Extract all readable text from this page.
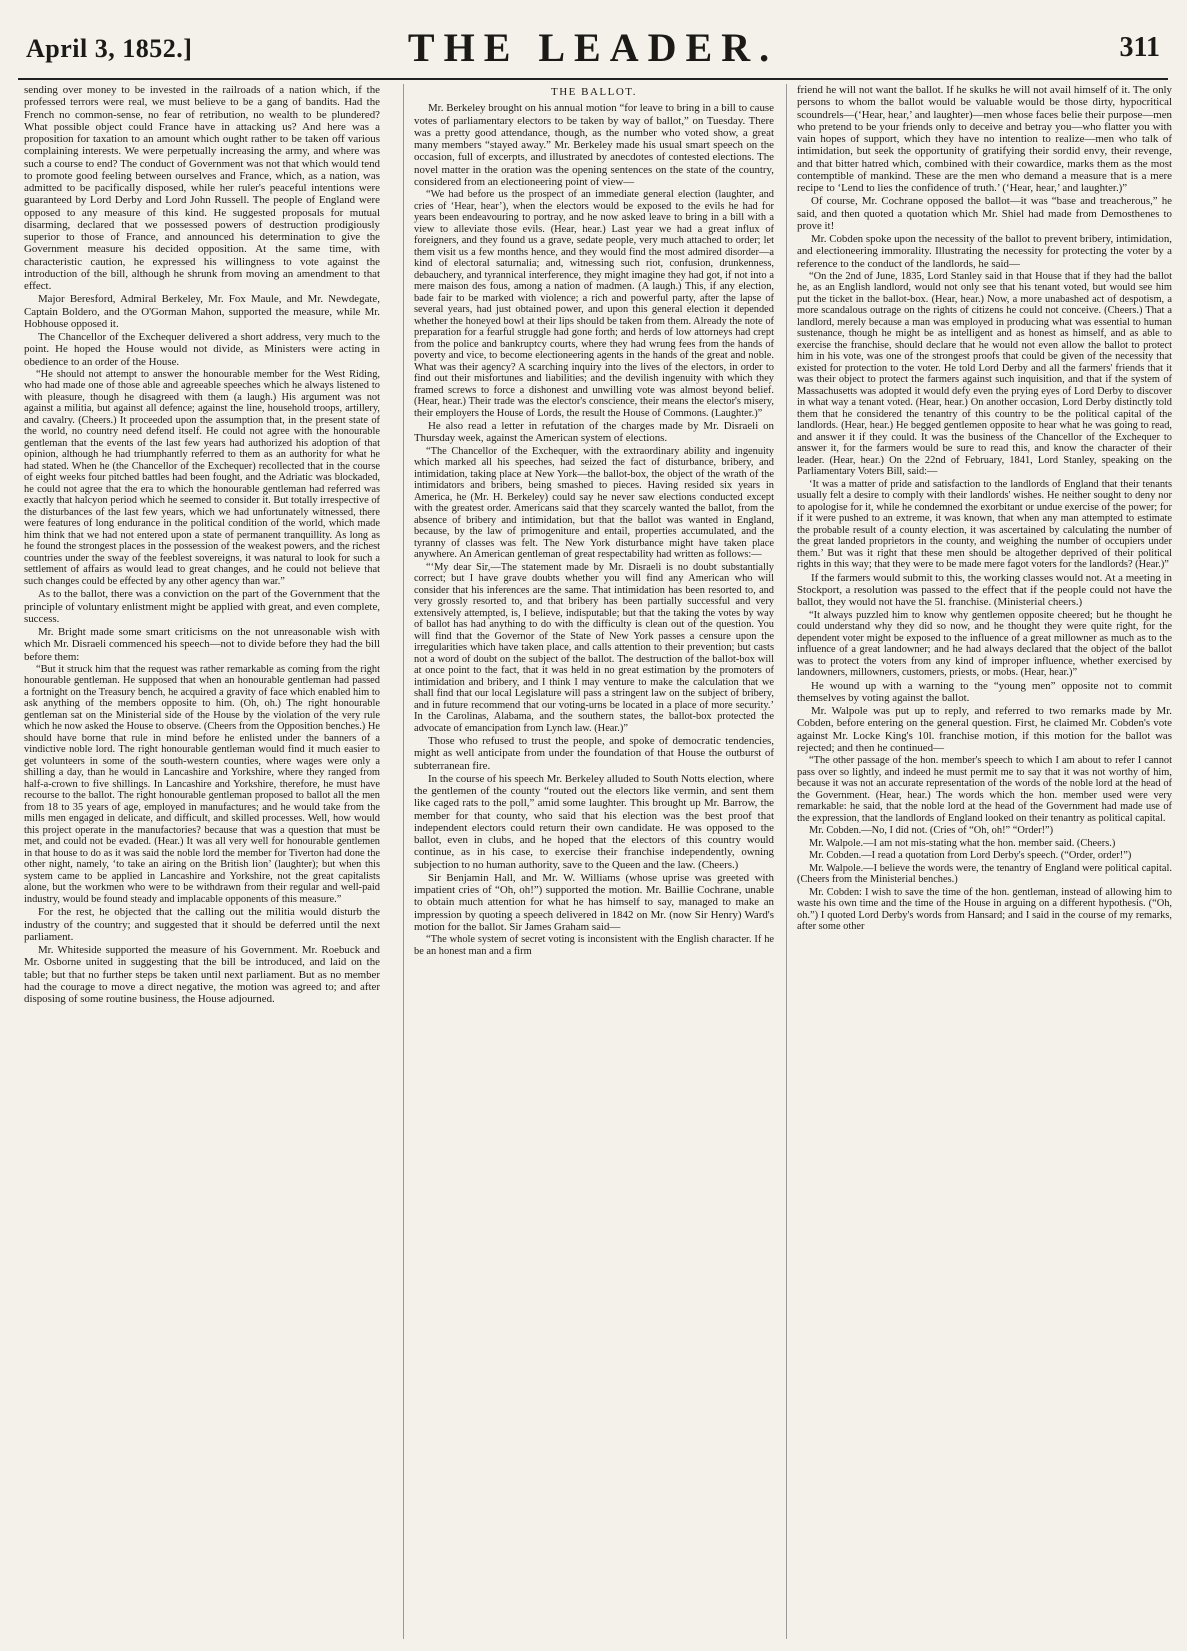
April 3, 1852.]	THE LEADER.	311

sending over money to be invested in the railroads of a nation which, if the professed terrors were real, we must believe to be a gang of bandits. Had the French no common-sense, no fear of retribution, no wealth to be plundered? What possible object could France have in attacking us? And here was a proposition for taxation to an amount which ought rather to be taken off various complaining interests. We were perpetually increasing the army, and where was such a course to end? The conduct of Government was not that which would tend to promote good feeling between ourselves and France, which, as a nation, was admitted to be pacifically disposed, while her ruler's peaceful intentions were guaranteed by Lord Derby and Lord John Russell. The people of England were opposed to any measure of this kind. He suggested proposals for mutual disarming, declared that we possessed powers of destruction prodigiously superior to those of France, and announced his determination to give the Government measure his decided opposition. At the same time, with characteristic caution, he expressed his willingness to vote against the introduction of the bill, although he shrunk from moving an amendment to that effect.

Major Beresford, Admiral Berkeley, Mr. Fox Maule, and Mr. Newdegate, Captain Boldero, and the O'Gorman Mahon, supported the measure, while Mr. Hobhouse opposed it.

The Chancellor of the Exchequer delivered a short address, very much to the point. He hoped the House would not divide, as Ministers were acting in obedience to an order of the House.

“He should not attempt to answer the honourable member for the West Riding, who had made one of those able and agreeable speeches which he always listened to with pleasure, though he disagreed with them (a laugh.) His argument was not against a militia, but against all defence; against the line, household troops, artillery, and cavalry. (Cheers.) It proceeded upon the assumption that, in the present state of the world, no country need defend itself. He could not agree with the honourable gentleman that the events of the last few years had authorized his adoption of that opinion, although he had triumphantly referred to them as an authority for what he had stated. When he (the Chancellor of the Exchequer) recollected that in the course of eight weeks four pitched battles had been fought, and the Adriatic was blockaded, he could not agree that the era to which the honourable gentleman had referred was exactly that halcyon period which he seemed to consider it. But totally irrespective of the disturbances of the last few years, which we had unfortunately witnessed, there were features of long endurance in the political condition of the world, which made him think that we had not entered upon a state of permanent tranquillity. As long as he found the strongest places in the possession of the weakest powers, and the richest countries under the sway of the feeblest sovereigns, it was natural to look for such a settlement of affairs as would lead to great changes, and he could not believe that such changes could be effected by any other agency than war.”

As to the ballot, there was a conviction on the part of the Government that the principle of voluntary enlistment might be applied with great, and even complete, success.

Mr. Bright made some smart criticisms on the not unreasonable wish with which Mr. Disraeli commenced his speech—not to divide before they had the bill before them:

“But it struck him that the request was rather remarkable as coming from the right honourable gentleman. He supposed that when an honourable gentleman had passed a fortnight on the Treasury bench, he acquired a gravity of face which enabled him to ask anything of the members opposite to him. (Oh, oh.) The right honourable gentleman sat on the Ministerial side of the House by the violation of the very rule which he now asked the House to observe. (Cheers from the Opposition benches.) He should have borne that rule in mind before he enlisted under the banners of a vindictive noble lord. The right honourable gentleman would find it much easier to get volunteers in some of the south-western counties, where wages were only a shilling a day, than he would in Lancashire and Yorkshire, where they ranged from half-a-crown to five shillings. In Lancashire and Yorkshire, therefore, he must have recourse to the ballot. The right honourable gentleman proposed to ballot all the men from 18 to 35 years of age, employed in manufactures; and he would take from the mills men engaged in delicate, and difficult, and skilled processes. Well, how would this project operate in the manufactories? because that was a question that must be met, and could not be evaded. (Hear.) It was all very well for honourable gentlemen in that house to do as it was said the noble lord the member for Tiverton had done the other night, namely, ‘to take an airing on the British lion’ (laughter); but when this system came to be applied in Lancashire and Yorkshire, not the great capitalists alone, but the workmen who were to be withdrawn from their regular and well-paid industry, would be found steady and implacable opponents of this measure.”

For the rest, he objected that the calling out the militia would disturb the industry of the country; and suggested that it should be deferred until the next parliament.

Mr. Whiteside supported the measure of his Government. Mr. Roebuck and Mr. Osborne united in suggesting that the bill be introduced, and laid on the table; but that no further steps be taken until next parliament. But as no member had the courage to move a direct negative, the motion was agreed to; and after disposing of some routine business, the House adjourned.

THE BALLOT.

Mr. Berkeley brought on his annual motion “for leave to bring in a bill to cause votes of parliamentary electors to be taken by way of ballot,” on Tuesday. There was a pretty good attendance, though, as the number who voted show, a great many members “stayed away.” Mr. Berkeley made his usual smart speech on the occasion, full of excerpts, and illustrated by anecdotes of contested elections. The novel matter in the oration was the opening sentences on the state of the country, considered from an electioneering point of view—

“We had before us the prospect of an immediate general election (laughter, and cries of ‘Hear, hear’), when the electors would be exposed to the evils he had for years been endeavouring to portray, and he now asked leave to bring in a bill with a view to alleviate those evils. (Hear, hear.) Last year we had a great influx of foreigners, and they found us a grave, sedate people, very much attached to order; let them visit us a few months hence, and they would find the most admired disorder—a kind of electoral saturnalia; and, witnessing such riot, confusion, drunkenness, debauchery, and tyrannical interference, they might imagine they had got, if not into a mere maison des fous, among a nation of madmen. (A laugh.) This, if any election, bade fair to be marked with violence; a rich and powerful party, after the lapse of several years, had just obtained power, and upon this general election it depended whether the honeyed bowl at their lips should be taken from them. Already the note of preparation for a fearful struggle had gone forth; and herds of low attorneys had crept from the police and bankruptcy courts, where they had wrung fees from the hands of poverty and vice, to become electioneering agents in the hands of the great and noble. What was their agency? A scarching inquiry into the lives of the electors, in order to find out their misfortunes and liabilities; and the devilish ingenuity with which they framed screws to force a dishonest and unwilling vote was almost beyond belief. (Hear, hear.) Their trade was the elector's conscience, their means the elector's misery, their employers the House of Lords, the result the House of Commons. (Laughter.)”

He also read a letter in refutation of the charges made by Mr. Disraeli on Thursday week, against the American system of elections.

“The Chancellor of the Exchequer, with the extraordinary ability and ingenuity which marked all his speeches, had seized the fact of disturbance, bribery, and intimidation, taking place at New York—the ballot-box, the object of the wrath of the intimidators and bribers, being smashed to pieces. Having resided six years in America, he (Mr. H. Berkeley) could say he never saw elections conducted except with the greatest order. Americans said that they scarcely wanted the ballot, from the absence of bribery and intimidation, but that the ballot was wanted in England, because, by the law of primogeniture and entail, properties accumulated, and the tyranny of classes was felt. The New York disturbance might have taken place anywhere. An American gentleman of great respectability had written as follows:—

“‘My dear Sir,—The statement made by Mr. Disraeli is no doubt substantially correct; but I have grave doubts whether you will find any American who will consider that his inferences are the same. That intimidation has been resorted to, and very grossly resorted to, and that bribery has been partially successful and very extensively attempted, is, I believe, indisputable; but that the taking the votes by way of ballot has had anything to do with the difficulty is clean out of the question. You will find that the Governor of the State of New York passes a censure upon the irregularities which have taken place, and calls attention to their prevention; but casts not a word of doubt on the subject of the ballot. The destruction of the ballot-box will at once point to the fact, that it was held in no great estimation by the promoters of intimidation and bribery, and I think I may venture to make the calculation that we shall find that our local Legislature will pass a stringent law on the subject of bribery, and in future recommend that our voting-urns be located in a place of more security.’ In the Carolinas, Alabama, and the southern states, the ballot-box protected the advocate of emancipation from Lynch law. (Hear.)”

Those who refused to trust the people, and spoke of democratic tendencies, might as well anticipate from under the foundation of that House the outburst of subterranean fire.

In the course of his speech Mr. Berkeley alluded to South Notts election, where the gentlemen of the county “routed out the electors like vermin, and sent them like caged rats to the poll,” amid some laughter. This brought up Mr. Barrow, the member for that county, who said that his election was the best proof that independent electors could return their own candidate. He was opposed to the ballot, even in clubs, and he hoped that the electors of this country would continue, as in his case, to exercise their franchise independently, owning subjection to no human authority, save to the Queen and the law. (Cheers.)

Sir Benjamin Hall, and Mr. W. Williams (whose uprise was greeted with impatient cries of “Oh, oh!”) supported the motion. Mr. Baillie Cochrane, unable to obtain much attention for what he has himself to say, managed to make an impression by quoting a speech delivered in 1842 on Mr. (now Sir Henry) Ward's motion for the ballot. Sir James Graham said—

“The whole system of secret voting is inconsistent with the English character. If he be an honest man and a firm

friend he will not want the ballot. If he skulks he will not avail himself of it. The only persons to whom the ballot would be valuable would be those dirty, hypocritical scoundrels—(‘Hear, hear,’ and laughter)—men whose faces belie their purpose—men who pretend to be your friends only to deceive and betray you—who flatter you with vain hopes of support, which they have no intention to realize—men who talk of intimidation, but seek the opportunity of gratifying their sordid envy, their revenge, and that bitter hatred which, combined with their cowardice, marks them as the most contemptible of mankind. These are the men who demand a measure that is a mere recipe to ‘Lend to lies the confidence of truth.’ (‘Hear, hear,’ and laughter.)”

Of course, Mr. Cochrane opposed the ballot—it was “base and treacherous,” he said, and then quoted a quotation which Mr. Shiel had made from Demosthenes to prove it!

Mr. Cobden spoke upon the necessity of the ballot to prevent bribery, intimidation, and electioneering immorality. Illustrating the necessity for protecting the voter by a reference to the conduct of the landlords, he said—

“On the 2nd of June, 1835, Lord Stanley said in that House that if they had the ballot he, as an English landlord, would not only see that his tenant voted, but would see him put the ticket in the ballot-box. (Hear, hear.) Now, a more unabashed act of despotism, a more scandalous outrage on the rights of citizens he could not conceive. (Cheers.) That a landlord, merely because a man was employed in producing what was essential to human sustenance, though he might be as intelligent and as honest as himself, and as able to exercise the franchise, should declare that he would not even allow the ballot to protect him in his vote, was one of the strongest proofs that could be given of the necessity that existed for protection to the voter. He told Lord Derby and all the farmers' friends that it was their object to protect the farmers against such inquisition, and that if the system of Massachusetts was adopted it would defy even the prying eyes of Lord Derby to discover in what way a tenant voted. (Hear, hear.) On another occasion, Lord Derby distinctly told them that he considered the tenantry of this country to be the political capital of the landlords. (Hear, hear.) He begged gentlemen opposite to hear what he was going to read, and answer it if they could. It was the business of the Chancellor of the Exchequer to answer it, for the farmers would be sure to read this, and know the character of their leader. (Hear, hear.) On the 22nd of February, 1841, Lord Stanley, speaking on the Parliamentary Voters Bill, said:—

‘It was a matter of pride and satisfaction to the landlords of England that their tenants usually felt a desire to comply with their landlords' wishes. He neither sought to deny nor to apologise for it, while he condemned the exorbitant or undue exercise of the power; for if it were pushed to an extreme, it was known, that when any man attempted to estimate the probable result of a county election, it was ascertained by calculating the number of the great landed proprietors in the county, and weighing the number of occupiers under them.’ But was it right that these men should be altogether deprived of their political rights in this way; that they were to be made mere fagot voters for the landlords? (Hear.)”

If the farmers would submit to this, the working classes would not. At a meeting in Stockport, a resolution was passed to the effect that if the people could not have the ballot, they would not have the 5l. franchise. (Ministerial cheers.)

“It always puzzled him to know why gentlemen opposite cheered; but he thought he could understand why they did so now, and he thought they were quite right, for the dependent voter might be exposed to the influence of a great millowner as much as to the influence of a great landowner; and he had always declared that the object of the ballot was to protect the voters from any kind of improper influence, whether exercised by landowners, millowners, customers, priests, or mobs. (Hear, hear.)”

He wound up with a warning to the “young men” opposite not to commit themselves by voting against the ballot.

Mr. Walpole was put up to reply, and referred to two remarks made by Mr. Cobden, before entering on the general question. First, he claimed Mr. Cobden's vote against Mr. Locke King's 10l. franchise motion, if this motion for the ballot was rejected; and then he continued—

“The other passage of the hon. member's speech to which I am about to refer I cannot pass over so lightly, and indeed he must permit me to say that it was not worthy of him, because it was not an accurate representation of the words of the noble lord at the head of the Government. (Hear, hear.) The words which the hon. member used were very remarkable: he said, that the noble lord at the head of the Government had made use of the expression, that the landlords of England looked on their tenantry as political capital.

Mr. Cobden.—No, I did not. (Cries of “Oh, oh!” “Order!”)

Mr. Walpole.—I am not mis-stating what the hon. member said. (Cheers.)

Mr. Cobden.—I read a quotation from Lord Derby's speech. (“Order, order!”)

Mr. Walpole.—I believe the words were, the tenantry of England were political capital. (Cheers from the Ministerial benches.)

Mr. Cobden: I wish to save the time of the hon. gentleman, instead of allowing him to waste his own time and the time of the House in arguing on a different hypothesis. (“Oh, oh.”) I quoted Lord Derby's words from Hansard; and I said in the course of my remarks, after some other
